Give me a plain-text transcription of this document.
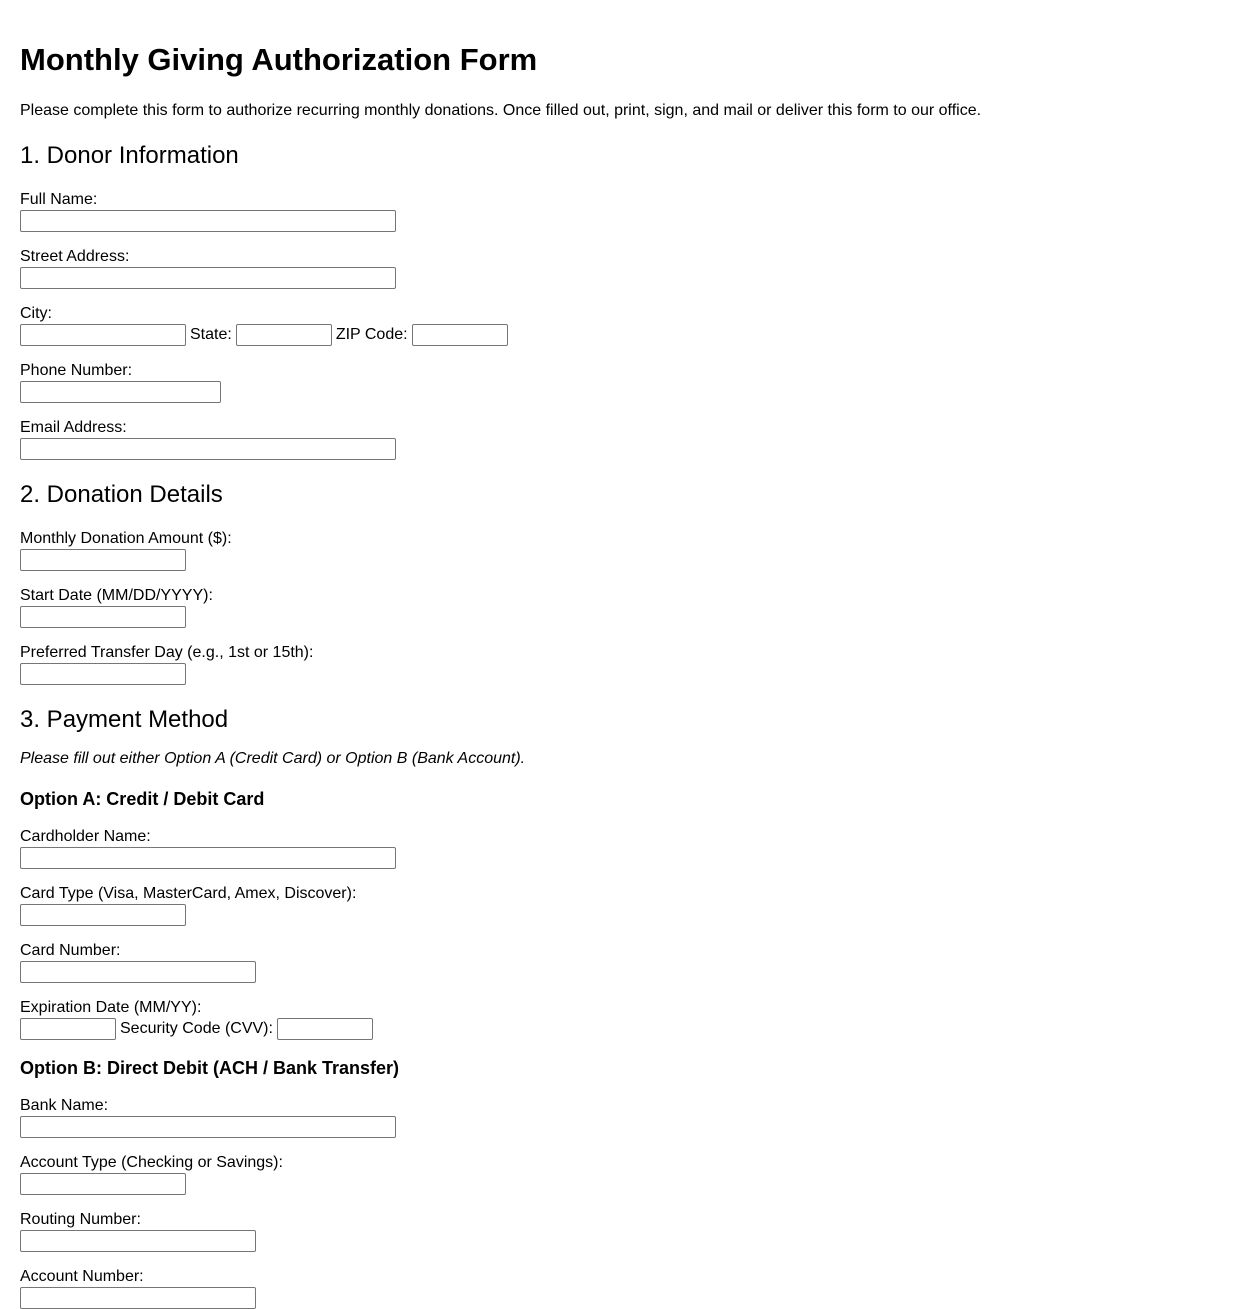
Monthly Giving Authorization Form

Please complete this form to authorize recurring monthly donations. Once filled out, print, sign, and mail or deliver this form to our office.

1. Donor Information
Full Name:
Street Address:
City:
State:	ZIP Code:
Phone Number:
Email Address:
2. Donation Details
Monthly Donation Amount ($):
Start Date (MM/DD/YYYY):
Preferred Transfer Day (e.g., 1st or 15th):
3. Payment Method

Please fill out either Option A (Credit Card) or Option B (Bank Account).

Option A: Credit / Debit Card
Cardholder Name:
Card Type (Visa, MasterCard, Amex, Discover):
Card Number:
Expiration Date (MM/YY):
Security Code (CVV):
Option B: Direct Debit (ACH / Bank Transfer)
Bank Name:
Account Type (Checking or Savings):
Routing Number:
Account Number:
